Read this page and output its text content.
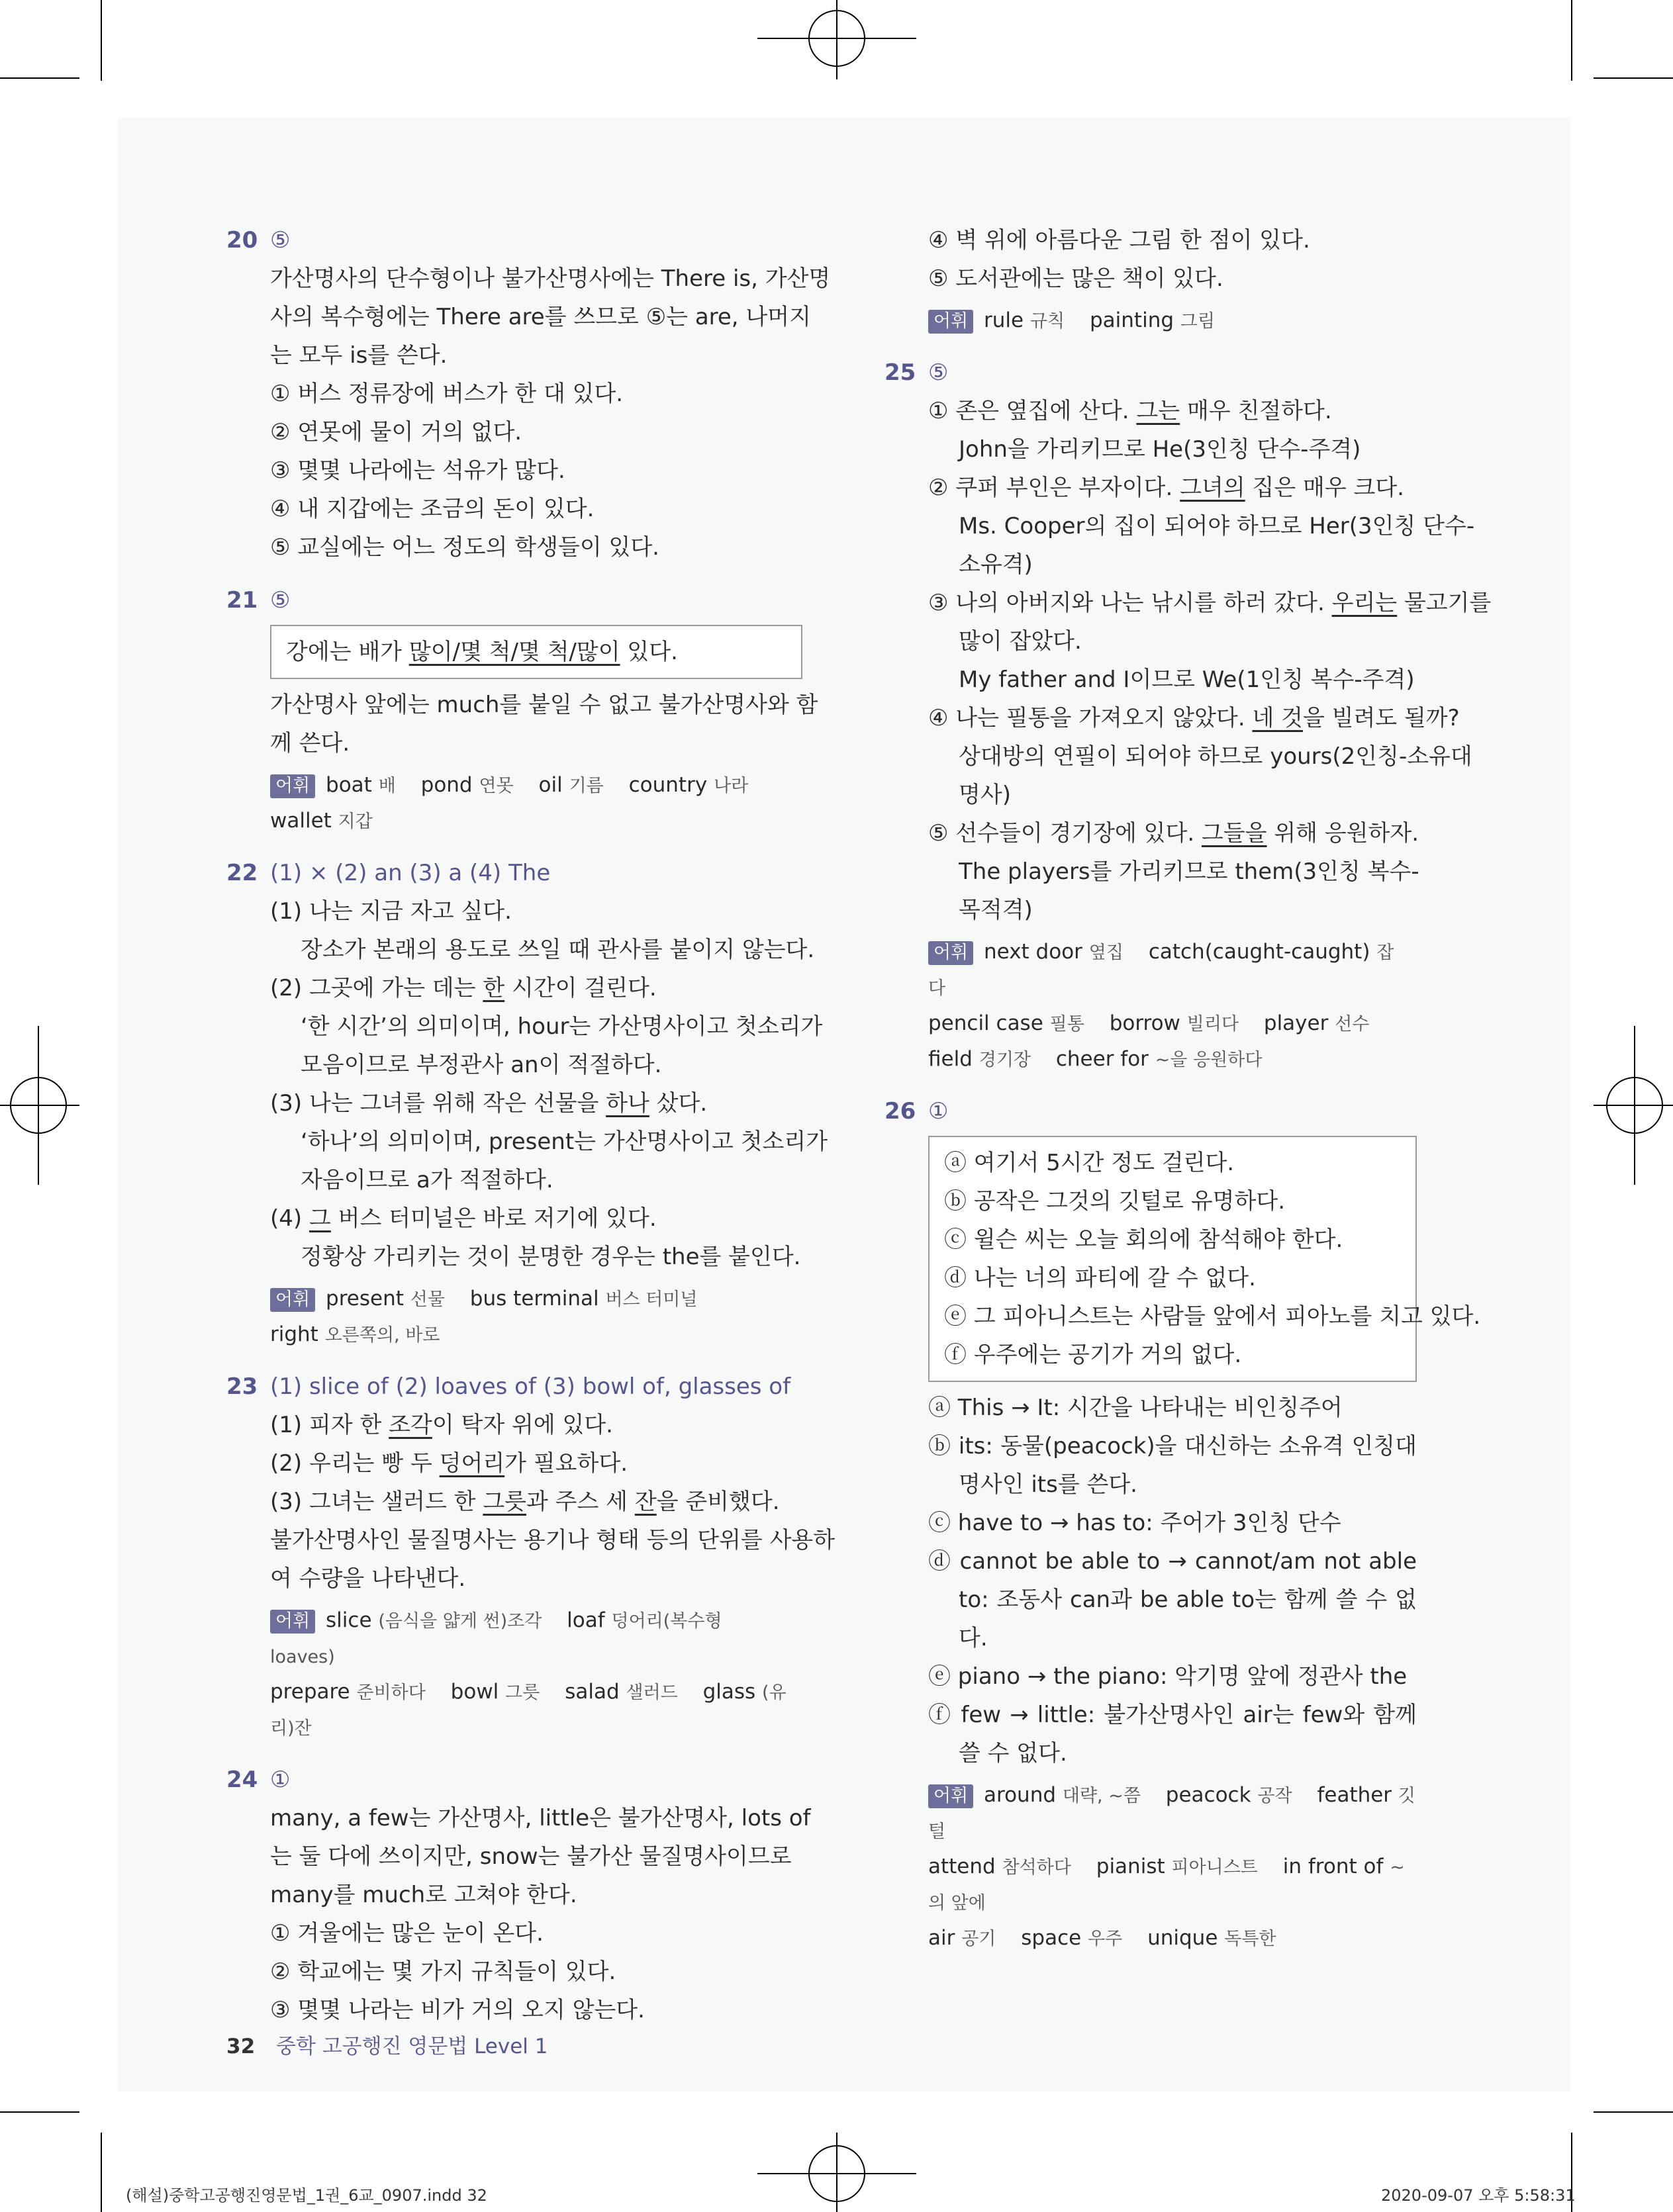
20 ⑤
가산명사의 단수형이나 불가산명사에는 There is, 가산명
사의 복수형에는 There are를 쓰므로 ⑤는 are, 나머지
는 모두 is를 쓴다.
① 버스 정류장에 버스가 한 대 있다.
② 연못에 물이 거의 없다.
③ 몇몇 나라에는 석유가 많다.
④ 내 지갑에는 조금의 돈이 있다.
⑤ 교실에는 어느 정도의 학생들이 있다.
21 ⑤
강에는 배가 많이/몇 척/몇 척/많이 있다.
가산명사 앞에는 much를 붙일 수 없고 불가산명사와 함
께 쓴다.
어휘 boat 배 pond 연못 oil 기름 country 나라
wallet 지갑
22 (1) × (2) an (3) a (4) The
(1) 나는 지금 자고 싶다.
장소가 본래의 용도로 쓰일 때 관사를 붙이지 않는다.
(2) 그곳에 가는 데는 한 시간이 걸린다.
‘한 시간’의 의미이며, hour는 가산명사이고 첫소리가
모음이므로 부정관사 an이 적절하다.
(3) 나는 그녀를 위해 작은 선물을 하나 샀다.
‘하나’의 의미이며, present는 가산명사이고 첫소리가
자음이므로 a가 적절하다.
(4) 그 버스 터미널은 바로 저기에 있다.
정황상 가리키는 것이 분명한 경우는 the를 붙인다.
어휘 present 선물 bus terminal 버스 터미널
right 오른쪽의, 바로
23 (1) slice of (2) loaves of (3) bowl of, glasses of
(1) 피자 한 조각이 탁자 위에 있다.
(2) 우리는 빵 두 덩어리가 필요하다.
(3) 그녀는 샐러드 한 그릇과 주스 세 잔을 준비했다.
불가산명사인 물질명사는 용기나 형태 등의 단위를 사용하
여 수량을 나타낸다.
어휘 slice (음식을 얇게 썬)조각 loaf 덩어리(복수형 loaves)
prepare 준비하다 bowl 그릇 salad 샐러드 glass (유리)잔
24 ①
many, a few는 가산명사, little은 불가산명사, lots of
는 둘 다에 쓰이지만, snow는 불가산 물질명사이므로
many를 much로 고쳐야 한다.
① 겨울에는 많은 눈이 온다.
② 학교에는 몇 가지 규칙들이 있다.
③ 몇몇 나라는 비가 거의 오지 않는다.
④ 벽 위에 아름다운 그림 한 점이 있다.
⑤ 도서관에는 많은 책이 있다.
어휘 rule 규칙 painting 그림
25 ⑤
① 존은 옆집에 산다. 그는 매우 친절하다.
John을 가리키므로 He(3인칭 단수-주격)
② 쿠퍼 부인은 부자이다. 그녀의 집은 매우 크다.
Ms. Cooper의 집이 되어야 하므로 Her(3인칭 단수-
소유격)
③ 나의 아버지와 나는 낚시를 하러 갔다. 우리는 물고기를
많이 잡았다.
My father and I이므로 We(1인칭 복수-주격)
④ 나는 필통을 가져오지 않았다. 네 것을 빌려도 될까?
상대방의 연필이 되어야 하므로 yours(2인칭-소유대
명사)
⑤ 선수들이 경기장에 있다. 그들을 위해 응원하자.
The players를 가리키므로 them(3인칭 복수-
목적격)
어휘 next door 옆집 catch(caught-caught) 잡다
pencil case 필통 borrow 빌리다 player 선수
field 경기장 cheer for ~을 응원하다
26 ①
ⓐ 여기서 5시간 정도 걸린다.
ⓑ 공작은 그것의 깃털로 유명하다.
ⓒ 윌슨 씨는 오늘 회의에 참석해야 한다.
ⓓ 나는 너의 파티에 갈 수 없다.
ⓔ 그 피아니스트는 사람들 앞에서 피아노를 치고 있다.
ⓕ 우주에는 공기가 거의 없다.
ⓐ This → It: 시간을 나타내는 비인칭주어
ⓑ its: 동물(peacock)을 대신하는 소유격 인칭대명사인 its를 쓴다.
ⓒ have to → has to: 주어가 3인칭 단수
ⓓ cannot be able to → cannot/am not able to: 조동사 can과 be able to는 함께 쓸 수 없다.
ⓔ piano → the piano: 악기명 앞에 정관사 the
ⓕ few → little: 불가산명사인 air는 few와 함께 쓸 수 없다.
어휘 around 대략, ~쯤 peacock 공작 feather 깃털
attend 참석하다 pianist 피아니스트 in front of ~의 앞에
air 공기 space 우주 unique 독특한
32 중학 고공행진 영문법 Level 1
(해설)중학고공행진영문법_1권_6교_0907.indd 32	2020-09-07 오후 5:58:31
